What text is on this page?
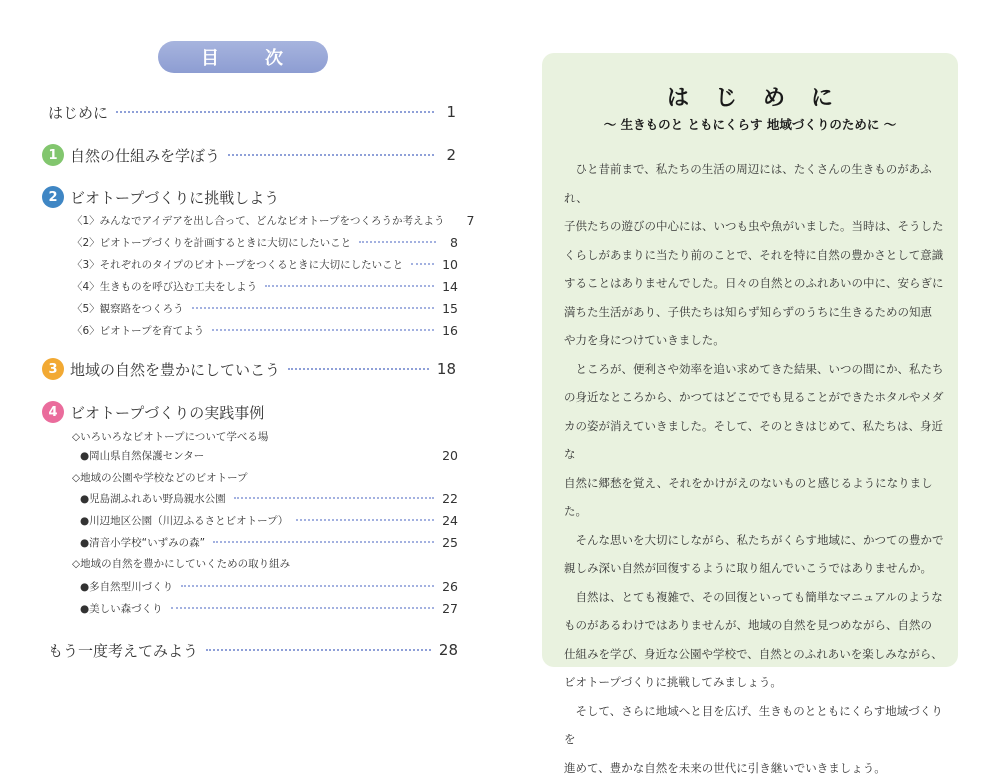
目 次
はじめに	1
1 自然の仕組みを学ぼう	2
2 ビオトープづくりに挑戦しよう
〈1〉みんなでアイデアを出し合って、どんなビオトープをつくろうか考えよう	7
〈2〉ビオトープづくりを計画するときに大切にしたいこと	8
〈3〉それぞれのタイプのビオトープをつくるときに大切にしたいこと	10
〈4〉生きものを呼び込む工夫をしよう	14
〈5〉観察路をつくろう	15
〈6〉ビオトープを育てよう	16
3 地域の自然を豊かにしていこう	18
4 ビオトープづくりの実践事例
◇いろいろなビオトープについて学べる場
●岡山県自然保護センター	20
◇地域の公園や学校などのビオトープ
●児島湖ふれあい野鳥親水公園	22
●川辺地区公園（川辺ふるさとビオトープ）	24
●清音小学校“いずみの森”	25
◇地域の自然を豊かにしていくための取り組み
●多自然型川づくり	26
●美しい森づくり	27
もう一度考えてみよう	28
はじめに
～ 生きものと ともにくらす 地域づくりのために ～

ひと昔前まで、私たちの生活の周辺には、たくさんの生きものがあふれ、

子供たちの遊びの中心には、いつも虫や魚がいました。当時は、そうした

くらしがあまりに当たり前のことで、それを特に自然の豊かさとして意識

することはありませんでした。日々の自然とのふれあいの中に、安らぎに

満ちた生活があり、子供たちは知らず知らずのうちに生きるための知恵

や力を身につけていきました。

ところが、便利さや効率を追い求めてきた結果、いつの間にか、私たち

の身近なところから、かつてはどこででも見ることができたホタルやメダ

カの姿が消えていきました。そして、そのときはじめて、私たちは、身近な

自然に郷愁を覚え、それをかけがえのないものと感じるようになりました。

そんな思いを大切にしながら、私たちがくらす地域に、かつての豊かで

親しみ深い自然が回復するように取り組んでいこうではありませんか。

自然は、とても複雑で、その回復といっても簡単なマニュアルのような

ものがあるわけではありませんが、地域の自然を見つめながら、自然の

仕組みを学び、身近な公園や学校で、自然とのふれあいを楽しみながら、

ビオトープづくりに挑戦してみましょう。

そして、さらに地域へと目を広げ、生きものとともにくらす地域づくりを

進めて、豊かな自然を未来の世代に引き継いでいきましょう。
